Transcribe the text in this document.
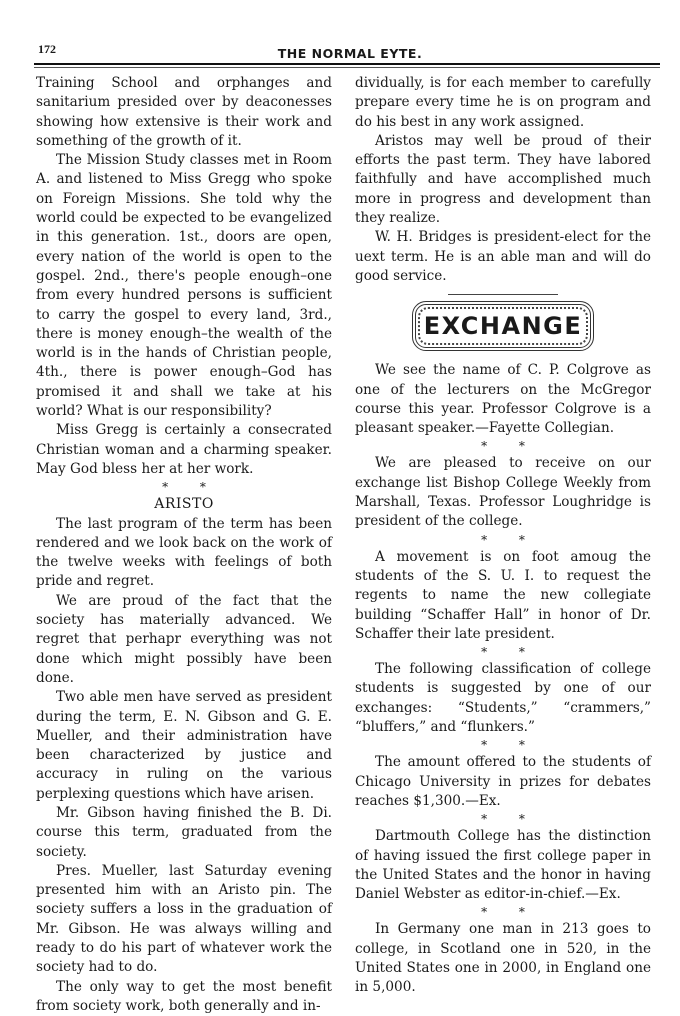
172	THE NORMAL EYTE.

Training School and orphanges and sanitarium presided over by deaconesses showing how extensive is their work and something of the growth of it.

The Mission Study classes met in Room A. and listened to Miss Gregg who spoke on Foreign Missions. She told why the world could be expected to be evangelized in this generation. 1st., doors are open, every nation of the world is open to the gospel. 2nd., there's people enough–one from every hundred persons is sufficient to carry the gospel to every land, 3rd., there is money enough–the wealth of the world is in the hands of Christian people, 4th., there is power enough–God has promised it and shall we take at his world? What is our responsibility?

Miss Gregg is certainly a consecrated Christian woman and a charming speaker. May God bless her at her work.

* *

ARISTO

The last program of the term has been rendered and we look back on the work of the twelve weeks with feelings of both pride and regret.

We are proud of the fact that the society has materially advanced. We regret that perhapr everything was not done which might possibly have been done.

Two able men have served as president during the term, E. N. Gibson and G. E. Mueller, and their administration have been characterized by justice and accuracy in ruling on the various perplexing questions which have arisen.

Mr. Gibson having finished the B. Di. course this term, graduated from the society.

Pres. Mueller, last Saturday evening presented him with an Aristo pin. The society suffers a loss in the graduation of Mr. Gibson. He was always willing and ready to do his part of whatever work the society had to do.

The only way to get the most benefit from society work, both generally and in-

dividually, is for each member to carefully prepare every time he is on program and do his best in any work assigned.

Aristos may well be proud of their efforts the past term. They have labored faithfully and have accomplished much more in progress and development than they realize.

W. H. Bridges is president-elect for the uext term. He is an able man and will do good service.

EXCHANGE

We see the name of C. P. Colgrove as one of the lecturers on the McGregor course this year. Professor Colgrove is a pleasant speaker.—Fayette Collegian.

* *

We are pleased to receive on our exchange list Bishop College Weekly from Marshall, Texas. Professor Loughridge is president of the college.

* *

A movement is on foot amoug the students of the S. U. I. to request the regents to name the new collegiate building “Schaffer Hall” in honor of Dr. Schaffer their late president.

* *

The following classification of college students is suggested by one of our exchanges: “Students,” “crammers,” “bluffers,” and “flunkers.”

* *

The amount offered to the students of Chicago University in prizes for debates reaches $1,300.—Ex.

* *

Dartmouth College has the distinction of having issued the first college paper in the United States and the honor in having Daniel Webster as editor-in-chief.—Ex.

* *

In Germany one man in 213 goes to college, in Scotland one in 520, in the United States one in 2000, in England one in 5,000.
